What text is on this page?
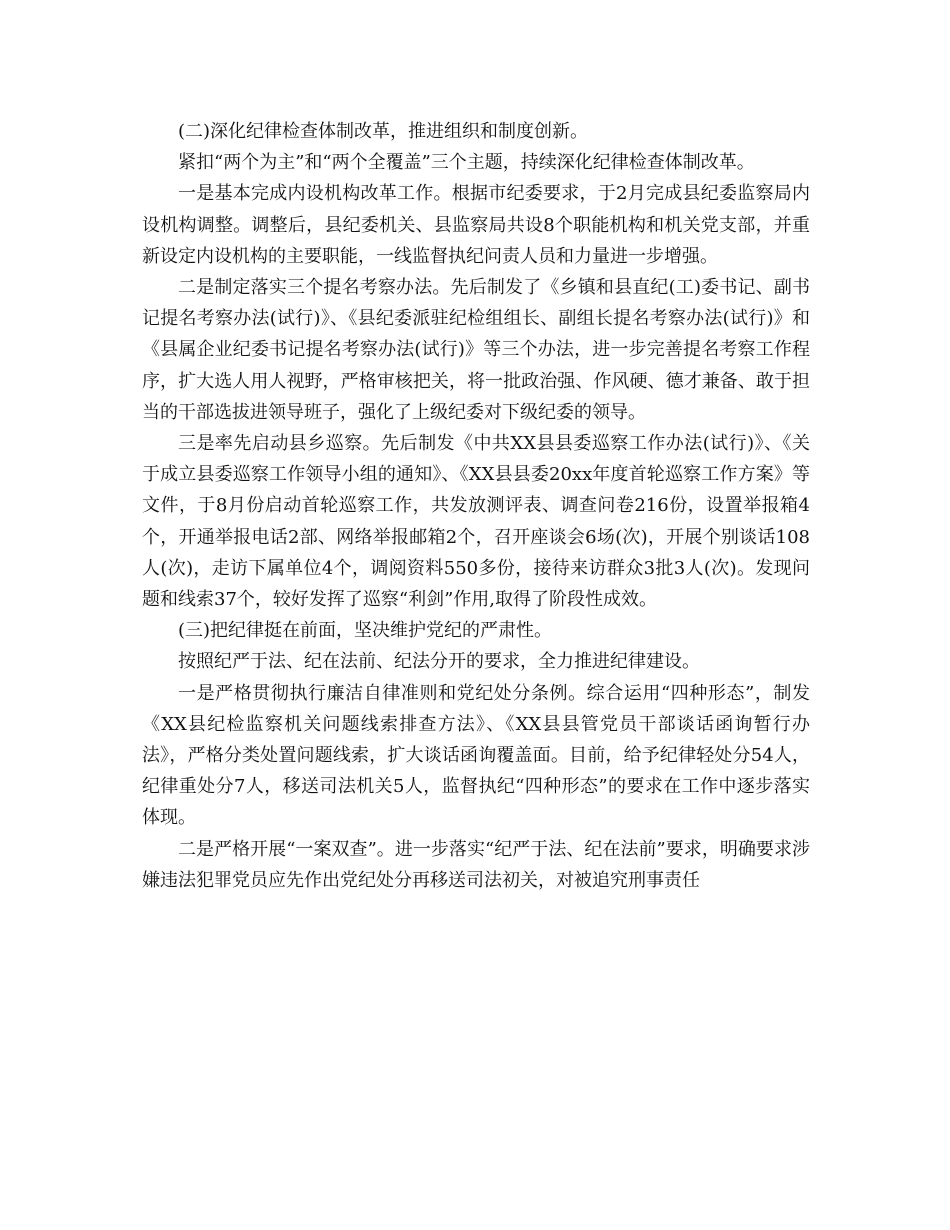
(二)深化纪律检查体制改革，推进组织和制度创新。

紧扣“两个为主”和“两个全覆盖”三个主题，持续深化纪律检查体制改革。

一是基本完成内设机构改革工作。根据市纪委要求，于2月完成县纪委监察局内设机构调整。调整后，县纪委机关、县监察局共设8个职能机构和机关党支部，并重新设定内设机构的主要职能，一线监督执纪问责人员和力量进一步增强。

二是制定落实三个提名考察办法。先后制发了《乡镇和县直纪(工)委书记、副书记提名考察办法(试行)》、《县纪委派驻纪检组组长、副组长提名考察办法(试行)》和《县属企业纪委书记提名考察办法(试行)》等三个办法，进一步完善提名考察工作程序，扩大选人用人视野，严格审核把关，将一批政治强、作风硬、德才兼备、敢于担当的干部选拔进领导班子，强化了上级纪委对下级纪委的领导。

三是率先启动县乡巡察。先后制发《中共XX县县委巡察工作办法(试行)》、《关于成立县委巡察工作领导小组的通知》、《XX县县委20xx年度首轮巡察工作方案》等文件，于8月份启动首轮巡察工作，共发放测评表、调查问卷216份，设置举报箱4个，开通举报电话2部、网络举报邮箱2个，召开座谈会6场(次)，开展个别谈话108人(次)，走访下属单位4个，调阅资料550多份，接待来访群众3批3人(次)。发现问题和线索37个，较好发挥了巡察“利剑”作用,取得了阶段性成效。

(三)把纪律挺在前面，坚决维护党纪的严肃性。

按照纪严于法、纪在法前、纪法分开的要求，全力推进纪律建设。

一是严格贯彻执行廉洁自律准则和党纪处分条例。综合运用“四种形态”，制发《XX县纪检监察机关问题线索排查方法》、《XX县县管党员干部谈话函询暂行办法》，严格分类处置问题线索，扩大谈话函询覆盖面。目前，给予纪律轻处分54人，纪律重处分7人，移送司法机关5人，监督执纪“四种形态”的要求在工作中逐步落实体现。

二是严格开展“一案双查”。进一步落实“纪严于法、纪在法前”要求，明确要求涉嫌违法犯罪党员应先作出党纪处分再移送司法初关，对被追究刑事责任
